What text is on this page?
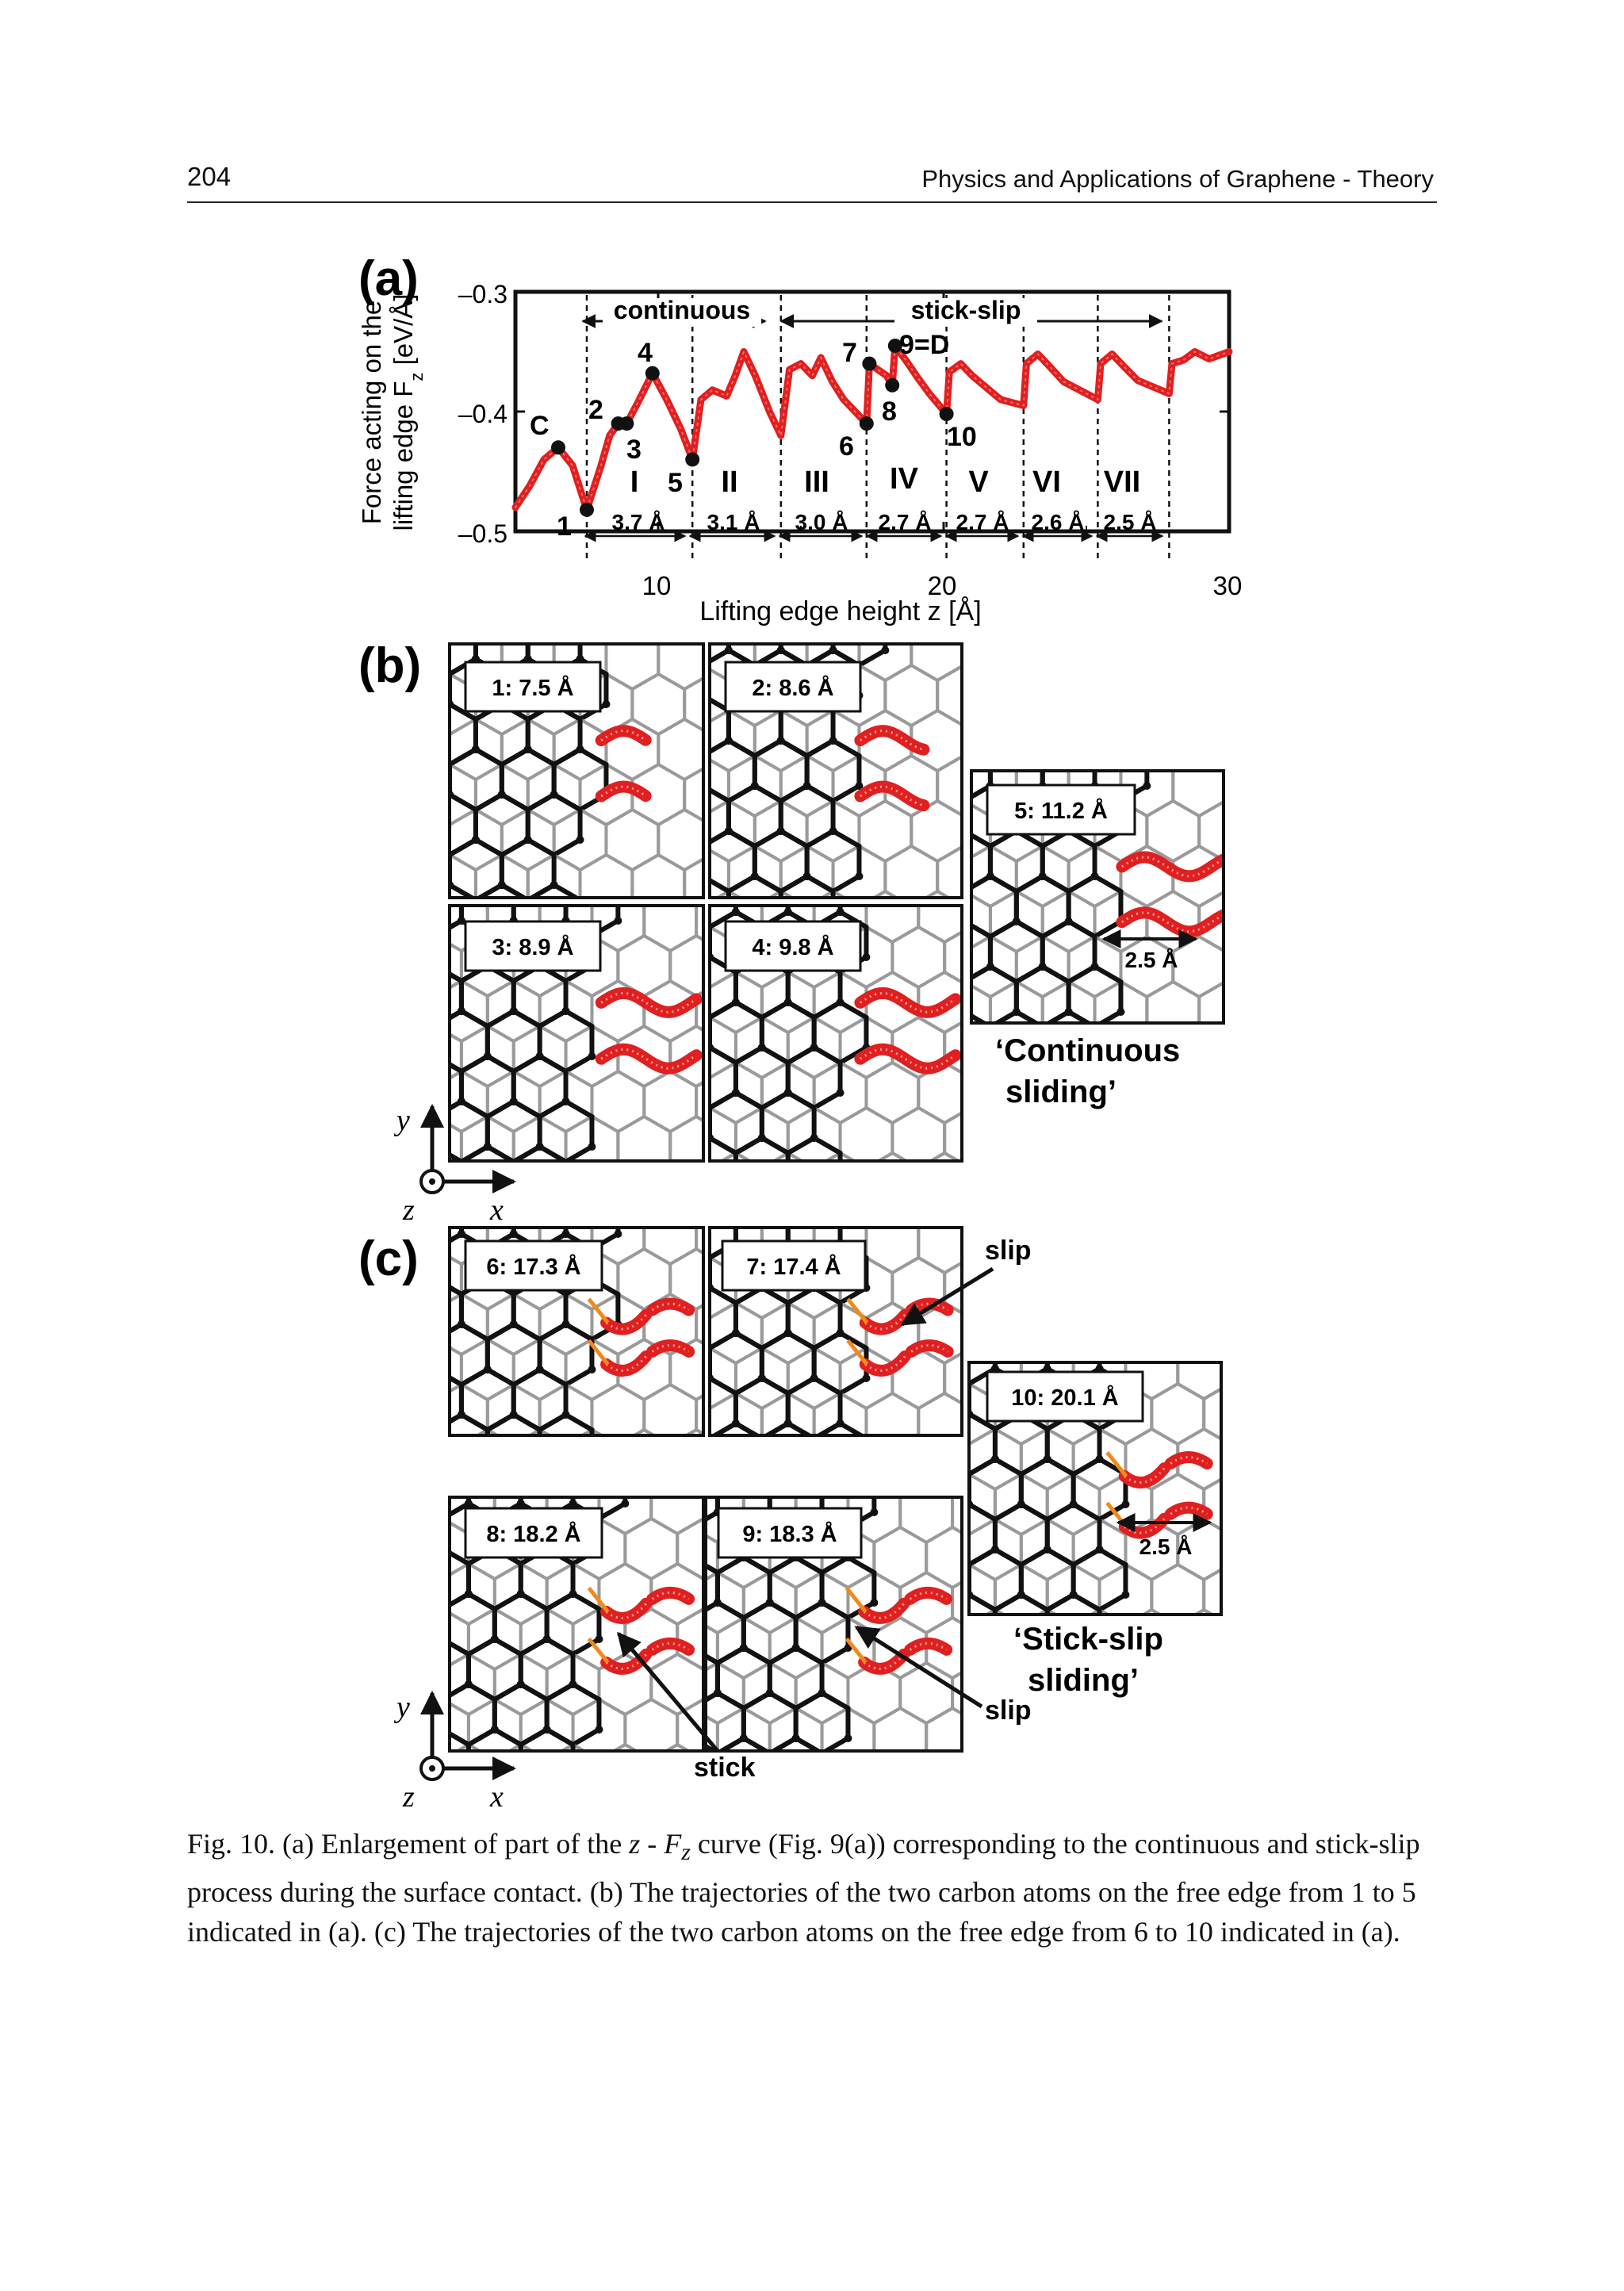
204	Physics and Applications of Graphene - Theory
(a) –0.3
–0.4
–0.5
10	20	30
Lifting edge height z [Å]
Force acting on the lifting edge $F_z$ [eV/Å]	continuous	stick-slip
I	II III IV V VI VII
3.7 Å 3.1 Å 3.0 Å 2.7 Å 2.7 Å 2.6 Å 2.5 Å
C
1
2
3
4
5
6
7
8
9=D
10
(b)	1: 7.5 Å	2: 8.6 Å
3: 8.9 Å	4: 9.8 Å
5: 11.2 Å
2.5 Å
‘Continuous
sliding’
y
z	x
(c)	6: 17.3 Å	7: 17.4 Å
8: 18.2 Å	9: 18.3 Å
10: 20.1 Å
2.5 Å
‘Stick-slip
sliding’
slip
slip
stick
y
z	x
Fig. 10. (a) Enlargement of part of the z - $F_z$ curve (Fig. 9(a)) corresponding to the continuous and stick-slip process during the surface contact. (b) The trajectories of the two carbon atoms on the free edge from 1 to 5 indicated in (a). (c) The trajectories of the two carbon atoms on the free edge from 6 to 10 indicated in (a).
